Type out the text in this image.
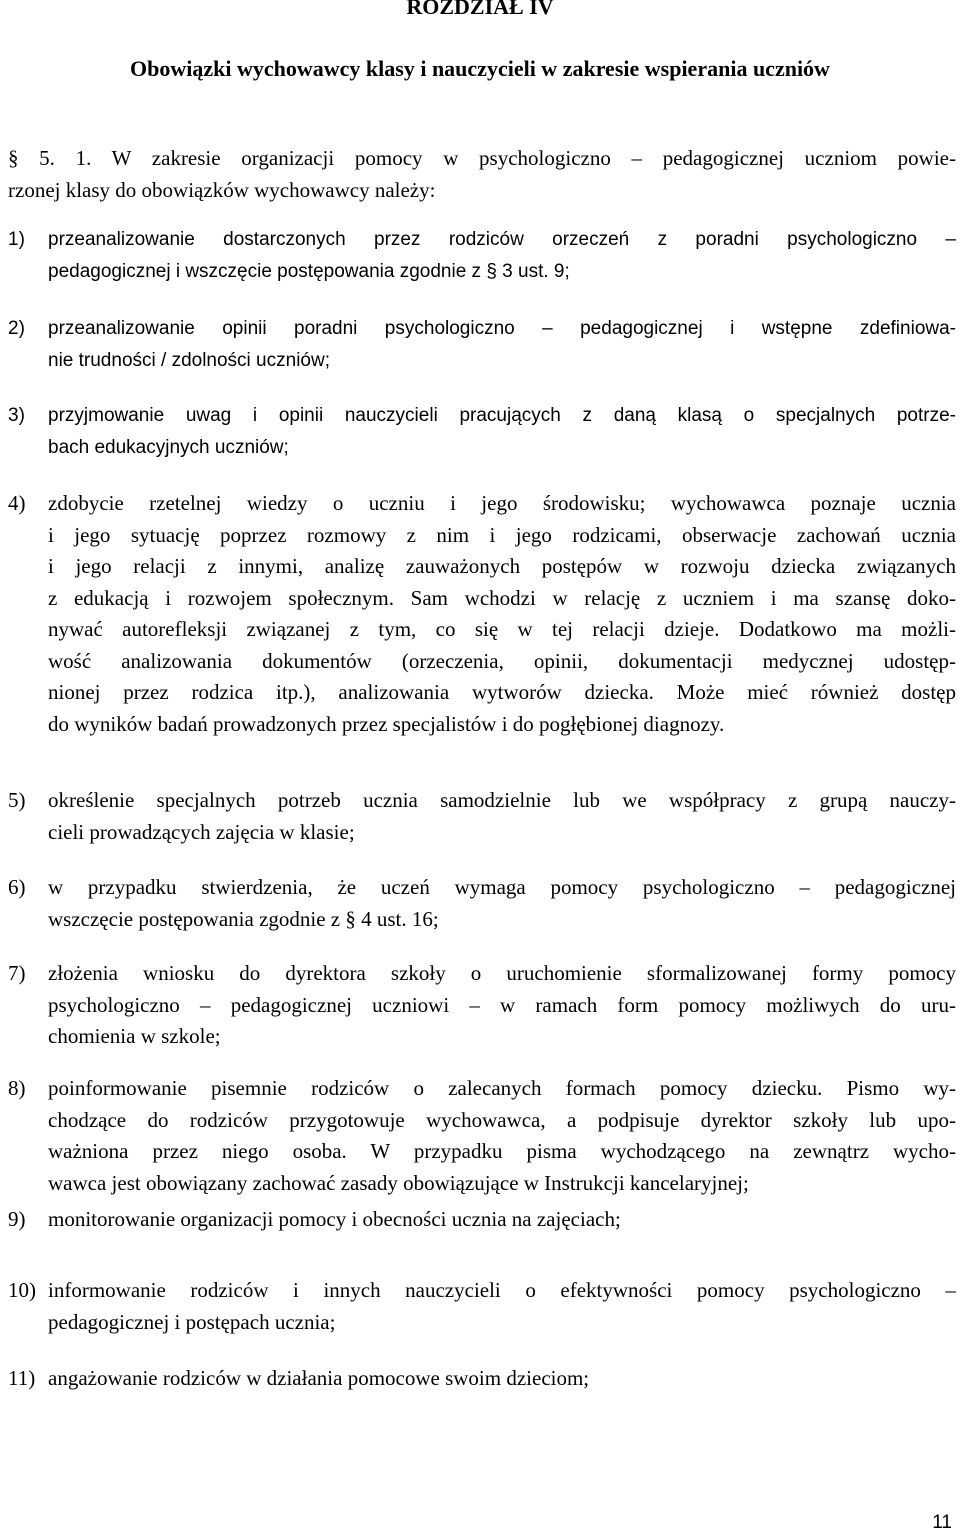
ROZDZIAŁ IV
Obowiązki wychowawcy klasy i nauczycieli w zakresie wspierania uczniów
§ 5. 1. W zakresie organizacji pomocy w psychologiczno – pedagogicznej uczniom powie-
rzonej klasy do obowiązków wychowawcy należy:
1) przeanalizowanie dostarczonych przez rodziców orzeczeń z poradni psychologiczno –
pedagogicznej i wszczęcie postępowania zgodnie z § 3 ust. 9;
2) przeanalizowanie opinii poradni psychologiczno – pedagogicznej i wstępne zdefiniowa-
nie trudności / zdolności uczniów;
3) przyjmowanie uwag i opinii nauczycieli pracujących z daną klasą o specjalnych potrze-
bach edukacyjnych uczniów;
4) zdobycie rzetelnej wiedzy o uczniu i jego środowisku; wychowawca poznaje ucznia
i jego sytuację poprzez rozmowy z nim i jego rodzicami, obserwacje zachowań ucznia
i jego relacji z innymi, analizę zauważonych postępów w rozwoju dziecka związanych
z edukacją i rozwojem społecznym. Sam wchodzi w relację z uczniem i ma szansę doko-
nywać autorefleksji związanej z tym, co się w tej relacji dzieje. Dodatkowo ma możli-
wość analizowania dokumentów (orzeczenia, opinii, dokumentacji medycznej udostęp-
nionej przez rodzica itp.), analizowania wytworów dziecka. Może mieć również dostęp
do wyników badań prowadzonych przez specjalistów i do pogłębionej diagnozy.
5) określenie specjalnych potrzeb ucznia samodzielnie lub we współpracy z grupą nauczy-
cieli prowadzących zajęcia w klasie;
6) w przypadku stwierdzenia, że uczeń wymaga pomocy psychologiczno – pedagogicznej
wszczęcie postępowania zgodnie z § 4 ust. 16;
7) złożenia wniosku do dyrektora szkoły o uruchomienie sformalizowanej formy pomocy
psychologiczno – pedagogicznej uczniowi – w ramach form pomocy możliwych do uru-
chomienia w szkole;
8) poinformowanie pisemnie rodziców o zalecanych formach pomocy dziecku. Pismo wy-
chodzące do rodziców przygotowuje wychowawca, a podpisuje dyrektor szkoły lub upo-
ważniona przez niego osoba. W przypadku pisma wychodzącego na zewnątrz wycho-
wawca jest obowiązany zachować zasady obowiązujące w Instrukcji kancelaryjnej;
9) monitorowanie organizacji pomocy i obecności ucznia na zajęciach;
10) informowanie rodziców i innych nauczycieli o efektywności pomocy psychologiczno –
pedagogicznej i postępach ucznia;
11) angażowanie rodziców w działania pomocowe swoim dzieciom;
11
